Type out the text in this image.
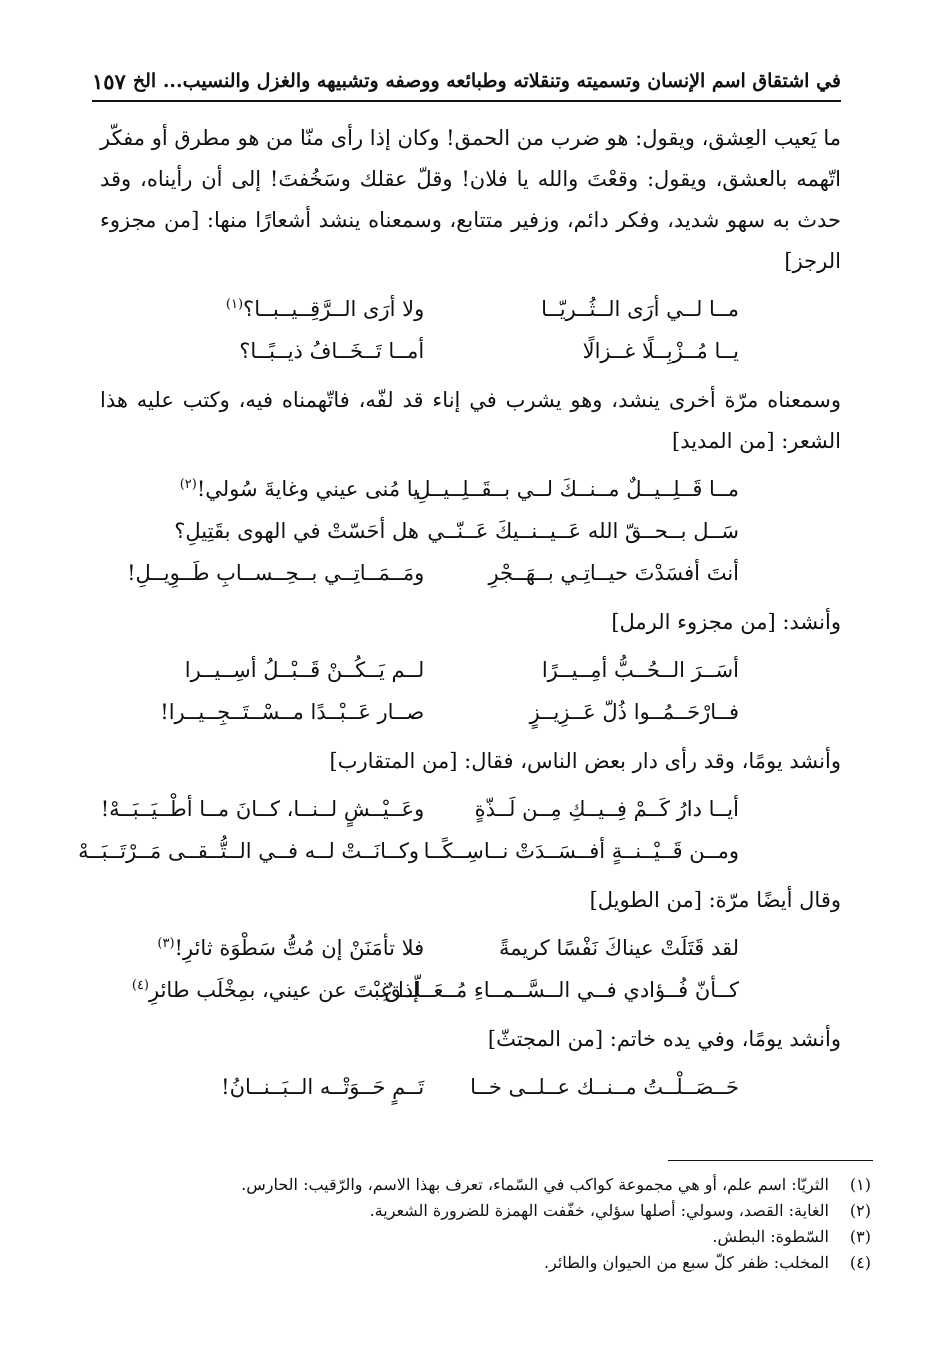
في اشتقاق اسم الإنسان وتسميته وتنقلاته وطبائعه ووصفه وتشبيهه والغزل والنسيب... الخ
١٥٧

ما يَعيب العِشق، ويقول: هو ضرب من الحمق! وكان إذا رأى منّا من هو مطرق أو مفكّر اتّهمه بالعشق، ويقول: وقعْتَ والله يا فلان! وقلّ عقلك وسَخُفتَ! إلى أن رأيناه، وقد حدث به سهو شديد، وفكر دائم، وزفير متتابع، وسمعناه ينشد أشعارًا منها: [من مجزوء الرجز]

مــا لــي أرَى الــثُــريّــا
ولا أرَى الــرَّقِــيــبــا؟$^{(١)}$
يــا مُــزْبِــلًا غــزالًا
أمــا تَــخَــافُ ذيــبًــا؟

وسمعناه مرّة أخرى ينشد، وهو يشرب في إناء قد لفّه، فاتّهمناه فيه، وكتب عليه هذا الشعر: [من المديد]

مــا قَــلِــيــلٌ مــنــكَ لــي بــقَــلِــيــلِ
يا مُنى عيني وغايةَ سُولي!$^{(٢)}$
سَــل بــحــقّ الله عَــيــنــيكَ عَــنّــي
هل أحَسّتْ في الهوى بقَتِيلِ؟
أنتَ أفسَدْتَ حيــاتِـي بــهَــجْرِ
ومَــمَــاتِــي بــحِــســابِ طَــوِيــلِ!

وأنشد: [من مجزوء الرمل]

أسَــرَ الــحُــبُّ أمِــيــرًا
لــم يَــكُــنْ قَــبْــلُ أسِــيــرا
فــارْحَــمُــوا ذُلّ عَــزِيــزٍ
صــار عَــبْــدًا مــسْــتَــجِــيــرا!

وأنشد يومًا، وقد رأى دار بعض الناس، فقال: [من المتقارب]

أيــا دارُ كَــمْ فِــيــكِ مِــن لَــذّةٍ
وعَــيْــشٍ لــنــا، كــانَ مــا أطْــيَــبَــهْ!
ومــن قَــيْــنــةٍ أفــسَــدَتْ نــاسِــكًــا
وكــانَــتْ لــه فــي الــتُّــقــى مَــرْتَــبَــهْ

وقال أيضًا مرّة: [من الطويل]

لقد قَتَلَتْ عيناكَ نَفْسًا كريمةً
فلا تأمَنَنْ إن مُتُّ سَطْوَة ثائرِ!$^{(٣)}$
كــأنّ فُــؤادي فــي الــسَّــمــاءِ مُــعَــلّــقٌ
إذا غِبْتَ عن عيني، بمِخْلَب طائرِ$^{(٤)}$

وأنشد يومًا، وفي يده خاتم: [من المجتثّ]

حَــصَــلْــتُ مــنــك عــلــى خــا
تَــمٍ حَــوَتْــه الــبَــنــانُ!
(١)
الثريّا: اسم علم، أو هي مجموعة كواكب في السّماء، تعرف بهذا الاسم، والرّقيب: الحارس.
(٢)
الغاية: القصد، وسولي: أصلها سؤلي، خفّفت الهمزة للضرورة الشعرية.
(٣)
السّطوة: البطش.
(٤)
المخلب: ظفر كلّ سبع من الحيوان والطائر.
